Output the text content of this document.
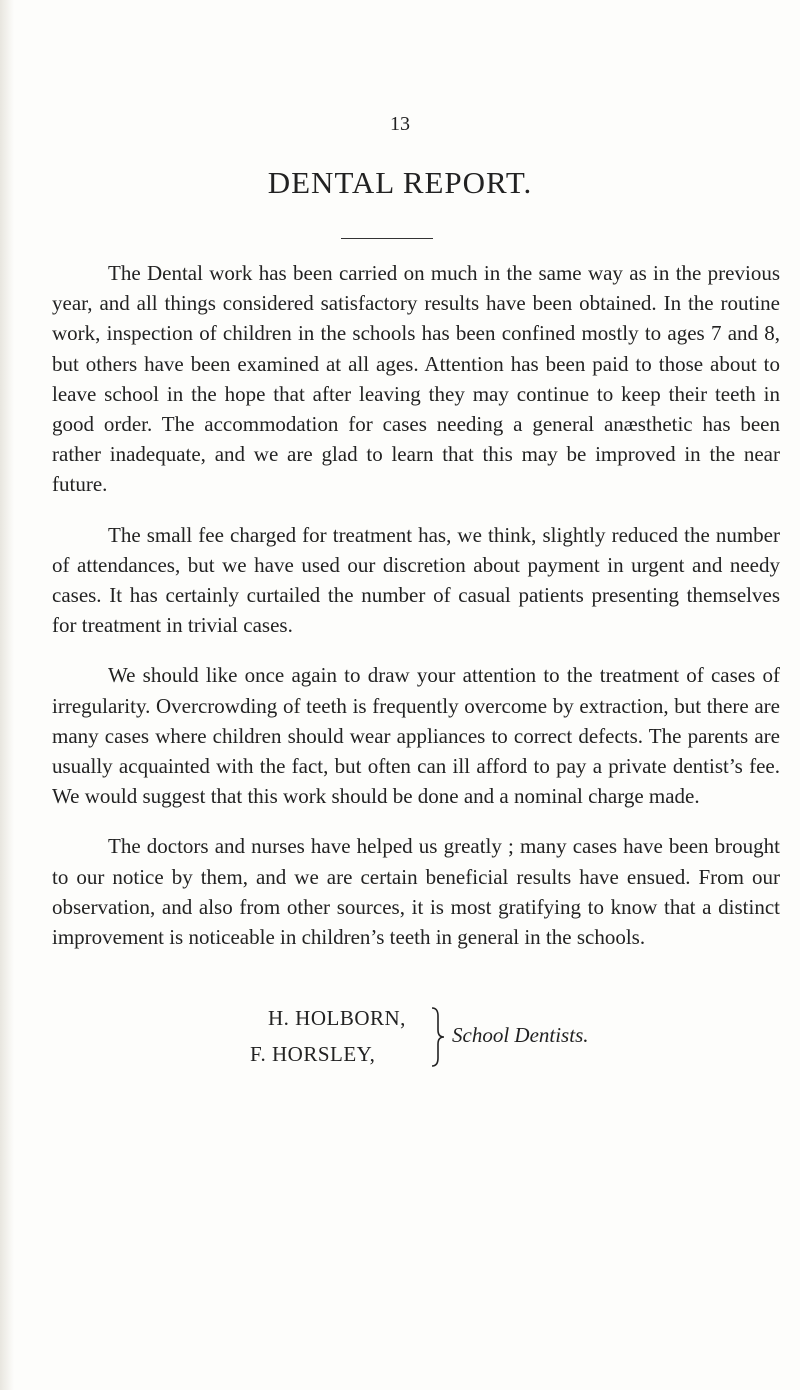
13
DENTAL REPORT.

The Dental work has been carried on much in the same way as in the previous year, and all things considered satisfactory results have been obtained. In the routine work, inspection of children in the schools has been confined mostly to ages 7 and 8, but others have been examined at all ages. Attention has been paid to those about to leave school in the hope that after leaving they may continue to keep their teeth in good order. The accommodation for cases needing a general anæsthetic has been rather inadequate, and we are glad to learn that this may be improved in the near future.

The small fee charged for treatment has, we think, slightly reduced the number of attendances, but we have used our discretion about payment in urgent and needy cases. It has certainly curtailed the number of casual patients presenting themselves for treatment in trivial cases.

We should like once again to draw your attention to the treatment of cases of irregularity. Overcrowding of teeth is frequently overcome by extraction, but there are many cases where children should wear appliances to correct defects. The parents are usually acquainted with the fact, but often can ill afford to pay a private dentist’s fee. We would suggest that this work should be done and a nominal charge made.

The doctors and nurses have helped us greatly ; many cases have been brought to our notice by them, and we are certain beneficial results have ensued. From our observation, and also from other sources, it is most gratifying to know that a distinct improvement is noticeable in children’s teeth in general in the schools.

H. HOLBORN,
F. HORSLEY,
School Dentists.
